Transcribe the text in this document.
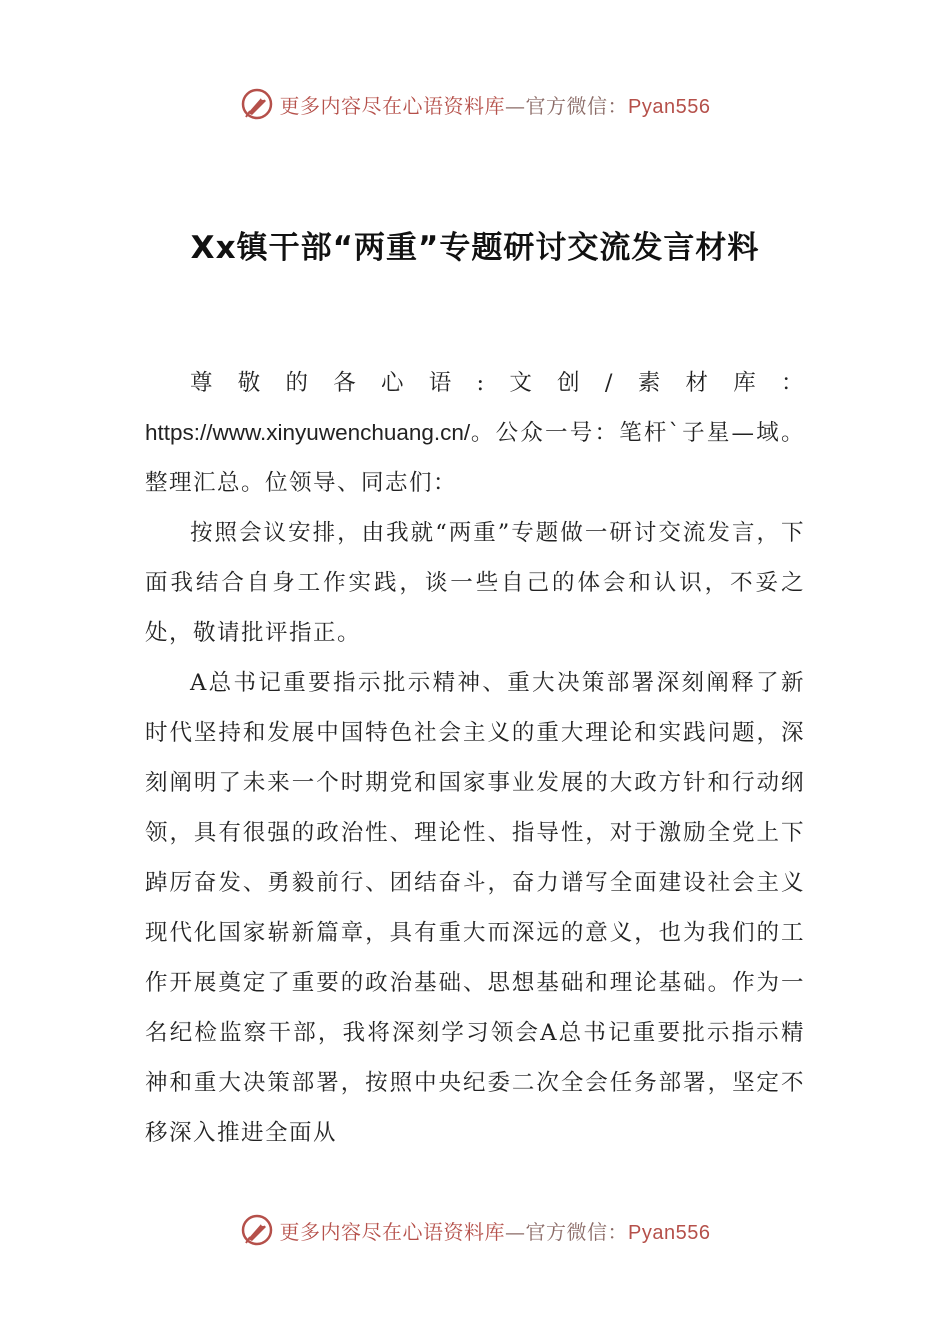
更多内容尽在心语资料库—官方微信：Pyan556
Xx镇干部“两重”专题研讨交流发言材料

尊敬的各心语:文创/素材库：https://www.xinyuwenchuang.cn/。公众一号：笔杆`子星—域。整理汇总。位领导、同志们：

按照会议安排，由我就“两重”专题做一研讨交流发言，下面我结合自身工作实践，谈一些自己的体会和认识，不妥之处，敬请批评指正。

A总书记重要指示批示精神、重大决策部署深刻阐释了新时代坚持和发展中国特色社会主义的重大理论和实践问题，深刻阐明了未来一个时期党和国家事业发展的大政方针和行动纲领，具有很强的政治性、理论性、指导性，对于激励全党上下踔厉奋发、勇毅前行、团结奋斗，奋力谱写全面建设社会主义现代化国家崭新篇章，具有重大而深远的意义，也为我们的工作开展奠定了重要的政治基础、思想基础和理论基础。作为一名纪检监察干部，我将深刻学习领会A总书记重要批示指示精神和重大决策部署，按照中央纪委二次全会任务部署，坚定不移深入推进全面从

更多内容尽在心语资料库—官方微信：Pyan556
